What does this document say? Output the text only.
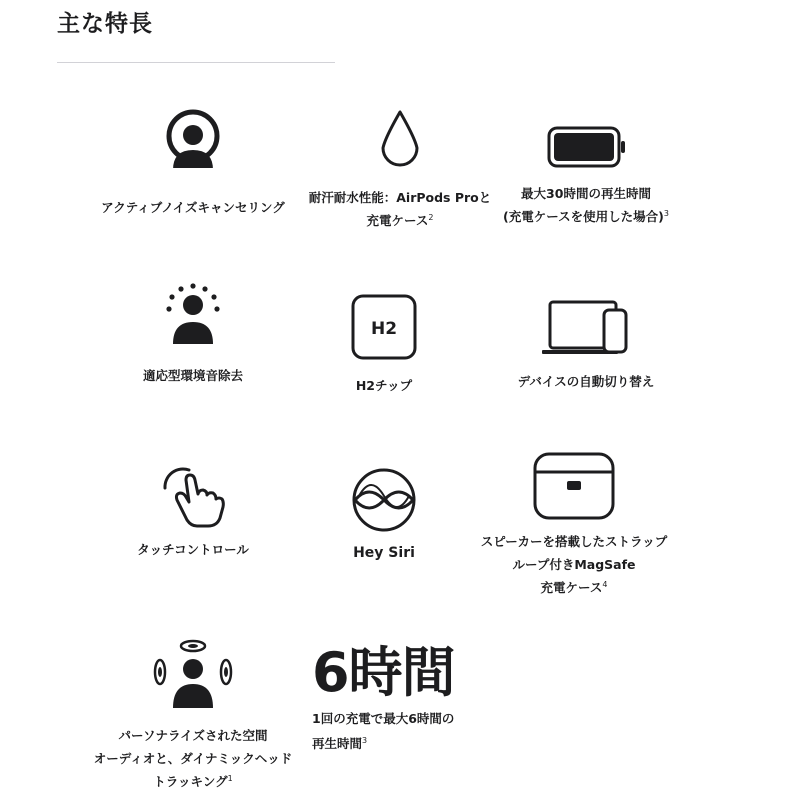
主な特長
アクティブノイズキャンセリング
耐汗耐水性能：AirPods Proと
充電ケース$^2$
最大30時間の再生時間
(充電ケースを使用した場合)$^3$
適応型環境音除去
H2
H2チップ	デバイスの自動切り替え
タッチコントロール	Hey Siri
スピーカーを搭載したストラップ
ループ付きMagSafe
充電ケース$^4$
パーソナライズされた空間
オーディオと、ダイナミックヘッド
トラッキング$^1$
6時間
1回の充電で最大6時間の
再生時間$^3$
